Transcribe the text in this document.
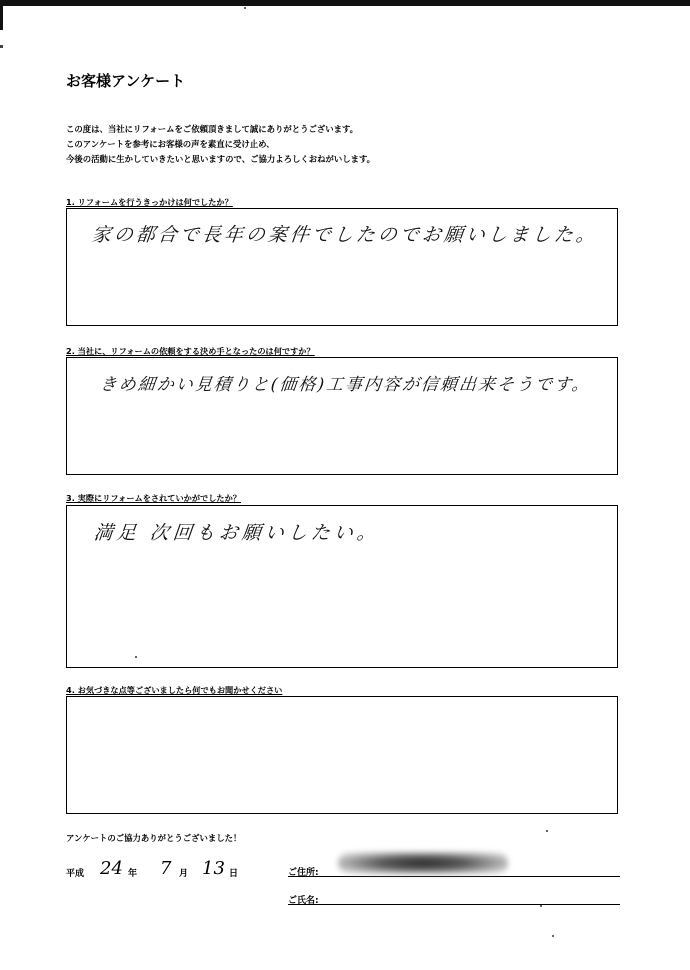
お客様アンケート
この度は、当社にリフォームをご依頼頂きまして誠にありがとうございます。
このアンケートを参考にお客様の声を素直に受け止め、
今後の活動に生かしていきたいと思いますので、ご協力よろしくおねがいします。
1. リフォームを行うきっかけは何でしたか？
家の都合で長年の案件でしたのでお願いしました。
2. 当社に、リフォームの依頼をする決め手となったのは何ですか？
きめ細かい見積りと(価格)工事内容が信頼出来そうです。
3. 実際にリフォームをされていかがでしたか？
満足 次回もお願いしたい。
4. お気づきな点等ございましたら何でもお聞かせください
アンケートのご協力ありがとうございました！
平成 24 年 7 月 13 日	ご住所:
ご氏名:
